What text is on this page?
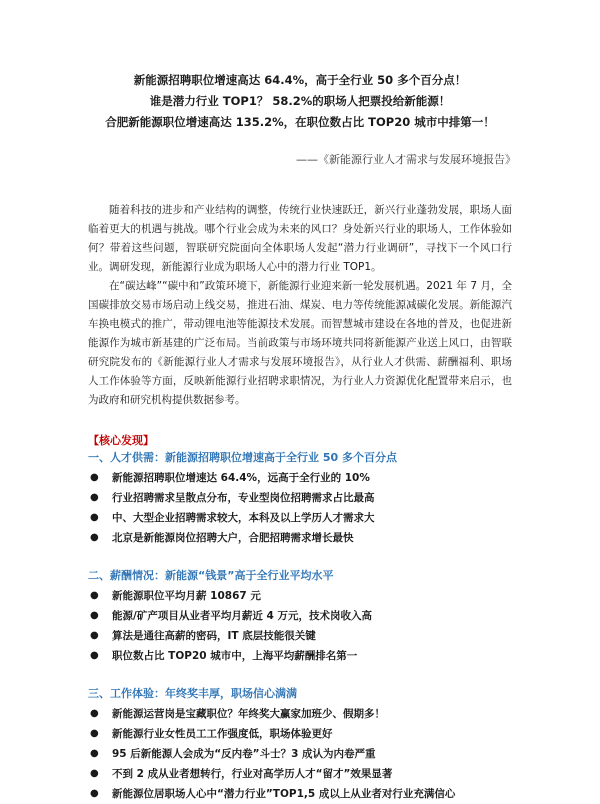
新能源招聘职位增速高达 64.4%，高于全行业 50 多个百分点！

谁是潜力行业 TOP1？ 58.2%的职场人把票投给新能源！

合肥新能源职位增速高达 135.2%，在职位数占比 TOP20 城市中排第一！

——《新能源行业人才需求与发展环境报告》

随着科技的进步和产业结构的调整，传统行业快速跃迁，新兴行业蓬勃发展，职场人面临着更大的机遇与挑战。哪个行业会成为未来的风口？身处新兴行业的职场人，工作体验如何？带着这些问题，智联研究院面向全体职场人发起“潜力行业调研”，寻找下一个风口行业。调研发现，新能源行业成为职场人心中的潜力行业 TOP1。

在“碳达峰”“碳中和”政策环境下，新能源行业迎来新一轮发展机遇。2021 年 7 月，全国碳排放交易市场启动上线交易，推进石油、煤炭、电力等传统能源减碳化发展。新能源汽车换电模式的推广，带动锂电池等能源技术发展。而智慧城市建设在各地的普及，也促进新能源作为城市新基建的广泛布局。当前政策与市场环境共同将新能源产业送上风口，由智联研究院发布的《新能源行业人才需求与发展环境报告》，从行业人才供需、薪酬福利、职场人工作体验等方面，反映新能源行业招聘求职情况，为行业人力资源优化配置带来启示，也为政府和研究机构提供数据参考。

【核心发现】
一、人才供需：新能源招聘职位增速高于全行业 50 多个百分点
● 新能源招聘职位增速达 64.4%，远高于全行业的 10%
● 行业招聘需求呈散点分布，专业型岗位招聘需求占比最高
● 中、大型企业招聘需求较大，本科及以上学历人才需求大
● 北京是新能源岗位招聘大户，合肥招聘需求增长最快
二、薪酬情况：新能源“钱景”高于全行业平均水平
● 新能源职位平均月薪 10867 元
● 能源/矿产项目从业者平均月薪近 4 万元，技术岗收入高
● 算法是通往高薪的密码，IT 底层技能很关键
● 职位数占比 TOP20 城市中，上海平均薪酬排名第一
三、工作体验：年终奖丰厚，职场信心满满
● 新能源运营岗是宝藏职位？年终奖大赢家加班少、假期多！
● 新能源行业女性员工工作强度低，职场体验更好
● 95 后新能源人会成为“反内卷”斗士？3 成认为内卷严重
● 不到 2 成从业者想转行，行业对高学历人才“留才”效果显著
● 新能源位居职场人心中“潜力行业”TOP1,5 成以上从业者对行业充满信心
